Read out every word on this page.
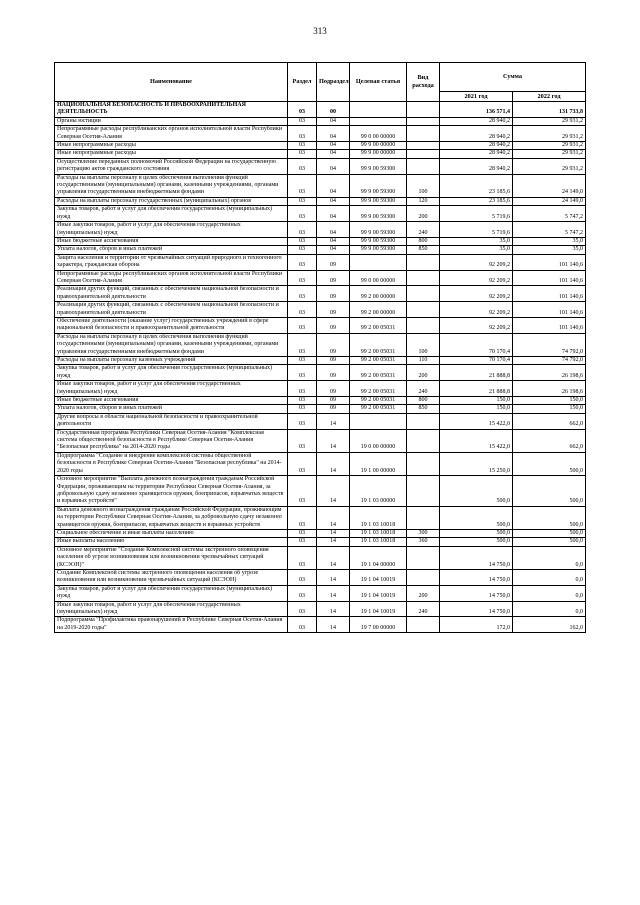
313
Наименование	Раздел	Подраздел	Целевая статья	Вид расхода	Сумма	
					2021 год	2022 год
НАЦИОНАЛЬНАЯ БЕЗОПАСНОСТЬ И ПРАВООХРАНИТЕЛЬНАЯ ДЕЯТЕЛЬНОСТЬ	03	00			136 571,4	131 733,8
Органы юстиции	03	04			28 940,2	29 931,2
Непрограммные расходы республиканских органов исполнительной власти Республики Северная Осетия-Алания	03	04	99 0 00 00000		28 940,2	29 931,2
Иные непрограммные расходы	03	04	99 9 00 00000		28 940,2	29 931,2
Иные непрограммные расходы	03	04	99 9 00 00000		28 940,2	29 931,2
Осуществление переданных полномочий Российской Федерации на государственную регистрацию актов гражданского состояния	03	04	99 9 00 59300		28 940,2	29 931,2
Расходы на выплаты персоналу в целях обеспечения выполнения функций государственными (муниципальными) органами, казенными учреждениями, органами управления государственными внебюджетными фондами	03	04	99 9 00 59300	100	23 185,6	24 149,0
Расходы на выплаты персоналу государственных (муниципальных) органов	03	04	99 9 00 59300	120	23 185,6	24 149,0
Закупка товаров, работ и услуг для обеспечения государственных (муниципальных) нужд	03	04	99 9 00 59300	200	5 719,6	5 747,2
Иные закупки товаров, работ и услуг для обеспечения государственных (муниципальных) нужд	03	04	99 9 00 59300	240	5 719,6	5 747,2
Иные бюджетные ассигнования	03	04	99 9 00 59300	800	35,0	35,0
Уплата налогов, сборов и иных платежей	03	04	99 9 00 59300	850	35,0	35,0
Защита населения и территории от чрезвычайных ситуаций природного и техногенного характера, гражданская оборона	03	09			92 209,2	101 140,6
Непрограммные расходы республиканских органов исполнительной власти Республики Северная Осетия-Алания	03	09	99 0 00 00000		92 209,2	101 140,6
Реализация других функций, связанных с обеспечением национальной безопасности и правоохранительной деятельности	03	09	99 2 00 00000		92 209,2	101 140,6
Реализация других функций, связанных с обеспечением национальной безопасности и правоохранительной деятельности	03	09	99 2 00 00000		92 209,2	101 140,6
Обеспечение деятельности (оказание услуг) государственных учреждений в сфере национальной безопасности и правоохранительной деятельности	03	09	99 2 00 05031		92 209,2	101 140,6
Расходы на выплаты персоналу в целях обеспечения выполнения функций государственными (муниципальными) органами, казенными учреждениями, органами управления государственными внебюджетными фондами	03	09	99 2 00 05031	100	70 170,4	74 792,0
Расходы на выплаты персоналу казенных учреждений	03	09	99 2 00 05031	110	70 170,4	74 792,0
Закупка товаров, работ и услуг для обеспечения государственных (муниципальных) нужд	03	09	99 2 00 05031	200	21 888,8	26 198,6
Иные закупки товаров, работ и услуг для обеспечения государственных (муниципальных) нужд	03	09	99 2 00 05031	240	21 888,8	26 198,6
Иные бюджетные ассигнования	03	09	99 2 00 05031	800	150,0	150,0
Уплата налогов, сборов и иных платежей	03	09	99 2 00 05031	850	150,0	150,0
Другие вопросы в области национальной безопасности и правоохранительной деятельности	03	14			15 422,0	662,0
Государственная программа Республики Северная Осетия-Алания "Комплексная система общественной безопасности в Республике Северная Осетия-Алания "Безопасная республика" на 2014-2020 годы	03	14	19 0 00 00000		15 422,0	662,0
Подпрограмма "Создание и внедрение комплексной системы общественной безопасности в Республике Северная Осетия-Алания "Безопасная республика" на 2014-2020 годы	03	14	19 1 00 00000		15 250,0	500,0
Основное мероприятие "Выплата денежного вознаграждения гражданам Российской Федерации, проживающим на территории Республики Северная Осетия-Алания, за добровольную сдачу незаконно хранящегося оружия, боеприпасов, взрывчатых веществ и взрывных устройств"	03	14	19 1 03 00000		500,0	500,0
Выплата денежного вознаграждения гражданам Российской Федерации, проживающим на территории Республики Северная Осетия-Алания, за добровольную сдачу незаконно хранящегося оружия, боеприпасов, взрывчатых веществ и взрывных устройств	03	14	19 1 03 10018		500,0	500,0
Социальное обеспечение и иные выплаты населению	03	14	19 1 03 10018	300	500,0	500,0
Иные выплаты населению	03	14	19 1 03 10018	360	500,0	500,0
Основное мероприятие "Создание Комплексной системы экстренного оповещения населения об угрозе возникновения или возникновении чрезвычайных ситуаций (КСЭОН)"	03	14	19 1 04 00000		14 750,0	0,0
Создание Комплексной системы экстренного оповещения населения об угрозе возникновения или возникновении чрезвычайных ситуаций (КСЭОН)	03	14	19 1 04 10019		14 750,0	0,0
Закупка товаров, работ и услуг для обеспечения государственных (муниципальных) нужд	03	14	19 1 04 10019	200	14 750,0	0,0
Иные закупки товаров, работ и услуг для обеспечения государственных (муниципальных) нужд	03	14	19 1 04 10019	240	14 750,0	0,0
Подпрограмма "Профилактика правонарушений в Республике Северная Осетия-Алания на 2019-2020 годы"	03	14	19 7 00 00000		172,0	162,0
